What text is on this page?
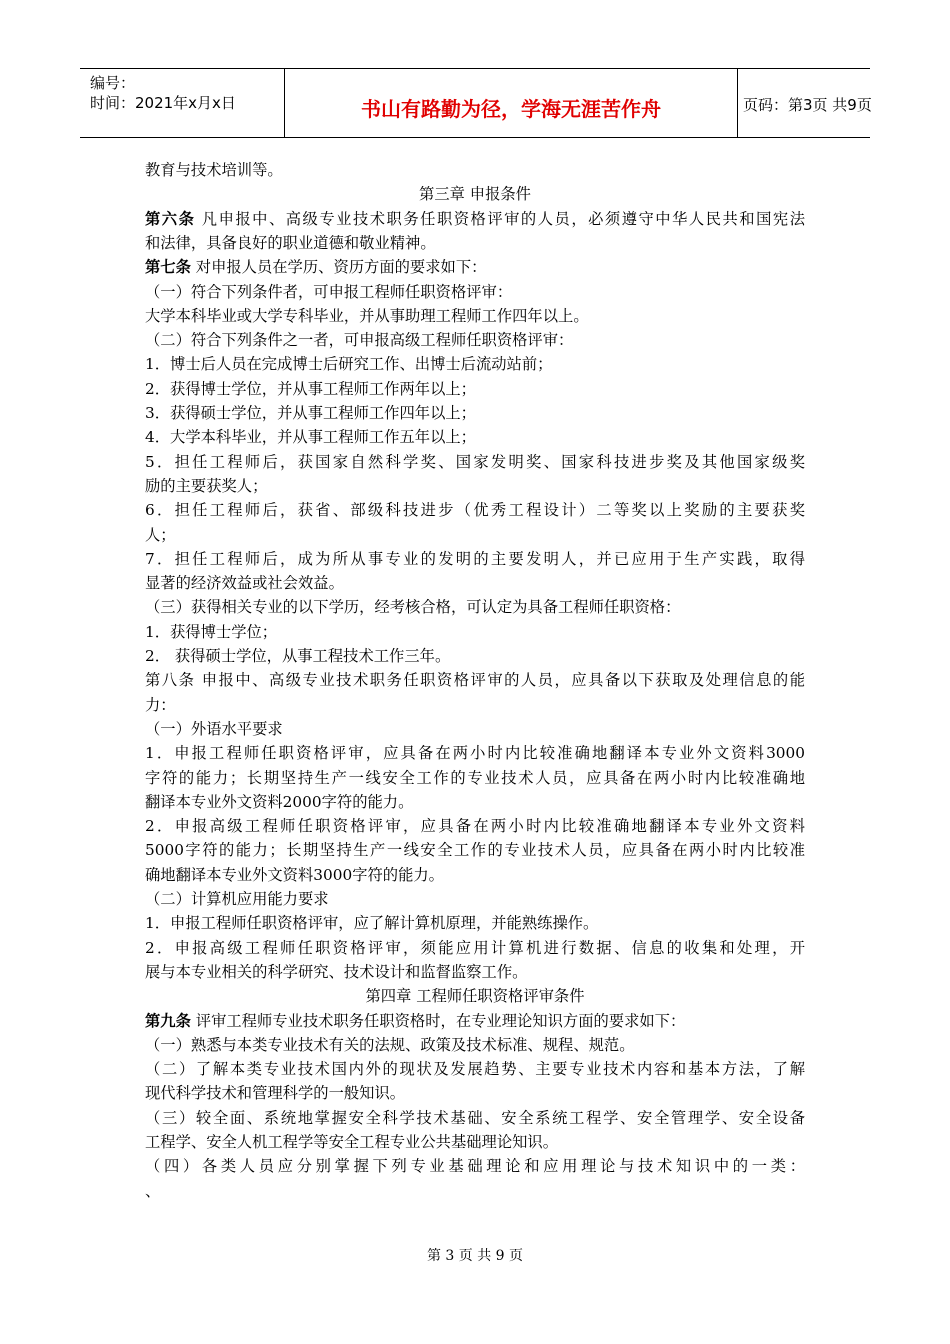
编号：
时间：2021年x月x日	书山有路勤为径，学海无涯苦作舟	页码：第3页 共9页
教育与技术培训等。
第三章 申报条件
第六条 凡申报中、高级专业技术职务任职资格评审的人员，必须遵守中华人民共和国宪法
和法律，具备良好的职业道德和敬业精神。
第七条 对申报人员在学历、资历方面的要求如下：
（一）符合下列条件者，可申报工程师任职资格评审：
大学本科毕业或大学专科毕业，并从事助理工程师工作四年以上。
（二）符合下列条件之一者，可申报高级工程师任职资格评审：
1．博士后人员在完成博士后研究工作、出博士后流动站前；
2．获得博士学位，并从事工程师工作两年以上；
3．获得硕士学位，并从事工程师工作四年以上；
4．大学本科毕业，并从事工程师工作五年以上；
5．担任工程师后，获国家自然科学奖、国家发明奖、国家科技进步奖及其他国家级奖
励的主要获奖人；
6．担任工程师后，获省、部级科技进步（优秀工程设计）二等奖以上奖励的主要获奖
人；
7．担任工程师后，成为所从事专业的发明的主要发明人，并已应用于生产实践，取得
显著的经济效益或社会效益。
（三）获得相关专业的以下学历，经考核合格，可认定为具备工程师任职资格：
1．获得博士学位；
2． 获得硕士学位，从事工程技术工作三年。
第八条 申报中、高级专业技术职务任职资格评审的人员，应具备以下获取及处理信息的能
力：
（一）外语水平要求
1．申报工程师任职资格评审，应具备在两小时内比较准确地翻译本专业外文资料3000
字符的能力；长期坚持生产一线安全工作的专业技术人员，应具备在两小时内比较准确地
翻译本专业外文资料2000字符的能力。
2．申报高级工程师任职资格评审，应具备在两小时内比较准确地翻译本专业外文资料
5000字符的能力；长期坚持生产一线安全工作的专业技术人员，应具备在两小时内比较准
确地翻译本专业外文资料3000字符的能力。
（二）计算机应用能力要求
1．申报工程师任职资格评审，应了解计算机原理，并能熟练操作。
2．申报高级工程师任职资格评审，须能应用计算机进行数据、信息的收集和处理，开
展与本专业相关的科学研究、技术设计和监督监察工作。
第四章 工程师任职资格评审条件
第九条 评审工程师专业技术职务任职资格时，在专业理论知识方面的要求如下：
（一）熟悉与本类专业技术有关的法规、政策及技术标准、规程、规范。
（二）了解本类专业技术国内外的现状及发展趋势、主要专业技术内容和基本方法，了解
现代科学技术和管理科学的一般知识。
（三）较全面、系统地掌握安全科学技术基础、安全系统工程学、安全管理学、安全设备
工程学、安全人机工程学等安全工程专业公共基础理论知识。
（四）各类人员应分别掌握下列专业基础理论和应用理论与技术知识中的一类：
、
第 3 页 共 9 页
